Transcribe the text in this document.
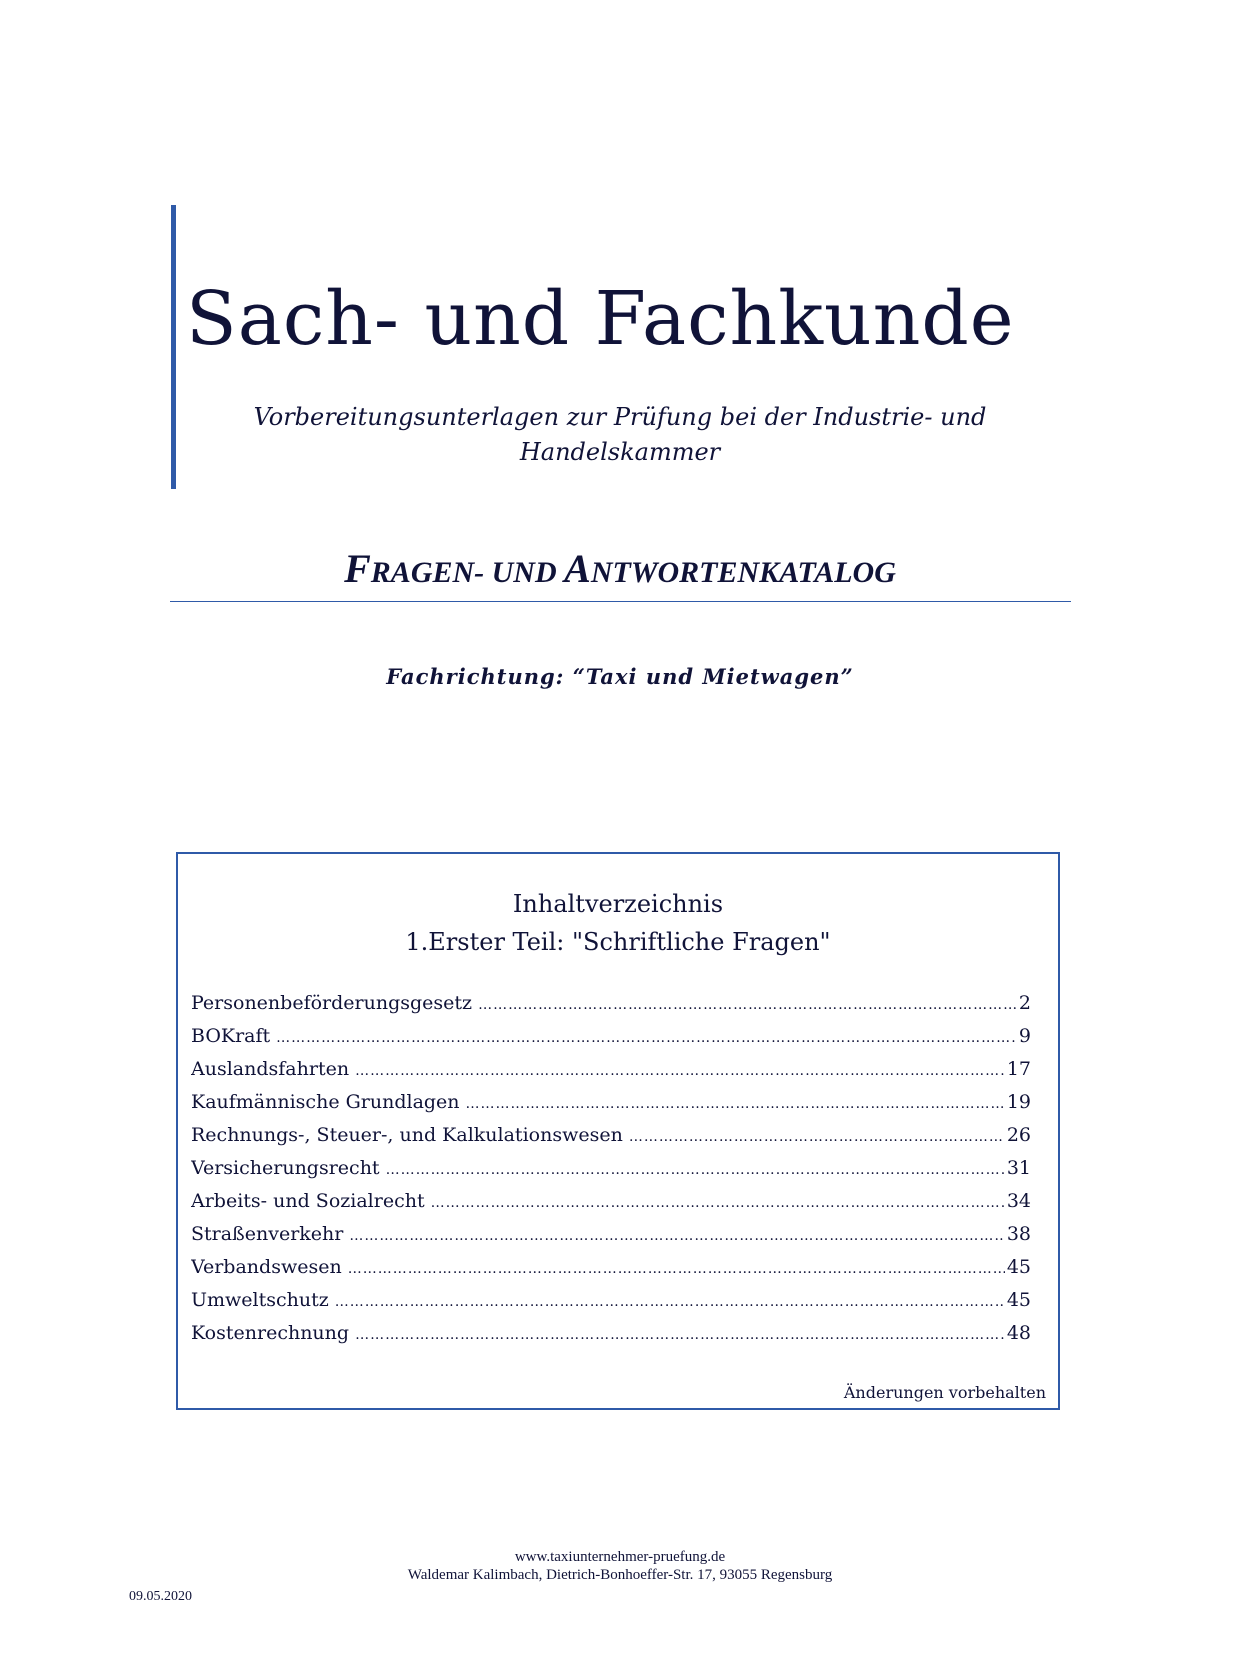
Sach- und Fachkunde
Vorbereitungsunterlagen zur Prüfung bei der Industrie- und
Handelskammer
FRAGEN- UND ANTWORTENKATALOG
Fachrichtung: “Taxi und Mietwagen”
Inhaltverzeichnis
1.Erster Teil: "Schriftliche Fragen"
Personenbeförderungsgesetz ………………………………………………………………………………………………………………………………………………………………………………	2
BOKraft ………………………………………………………………………………………………………………………………………………………………………………	9
Auslandsfahrten ………………………………………………………………………………………………………………………………………………………………………………	17
Kaufmännische Grundlagen ………………………………………………………………………………………………………………………………………………………………………………	19
Rechnungs-, Steuer-, und Kalkulationswesen ………………………………………………………………………………………………………………………………………………………………………………	26
Versicherungsrecht ………………………………………………………………………………………………………………………………………………………………………………	31
Arbeits- und Sozialrecht ………………………………………………………………………………………………………………………………………………………………………………	34
Straßenverkehr ………………………………………………………………………………………………………………………………………………………………………………	38
Verbandswesen ………………………………………………………………………………………………………………………………………………………………………………	45
Umweltschutz ………………………………………………………………………………………………………………………………………………………………………………	45
Kostenrechnung ………………………………………………………………………………………………………………………………………………………………………………	48
Änderungen vorbehalten
www.taxiunternehmer-pruefung.de
Waldemar Kalimbach, Dietrich-Bonhoeffer-Str. 17, 93055 Regensburg
09.05.2020
